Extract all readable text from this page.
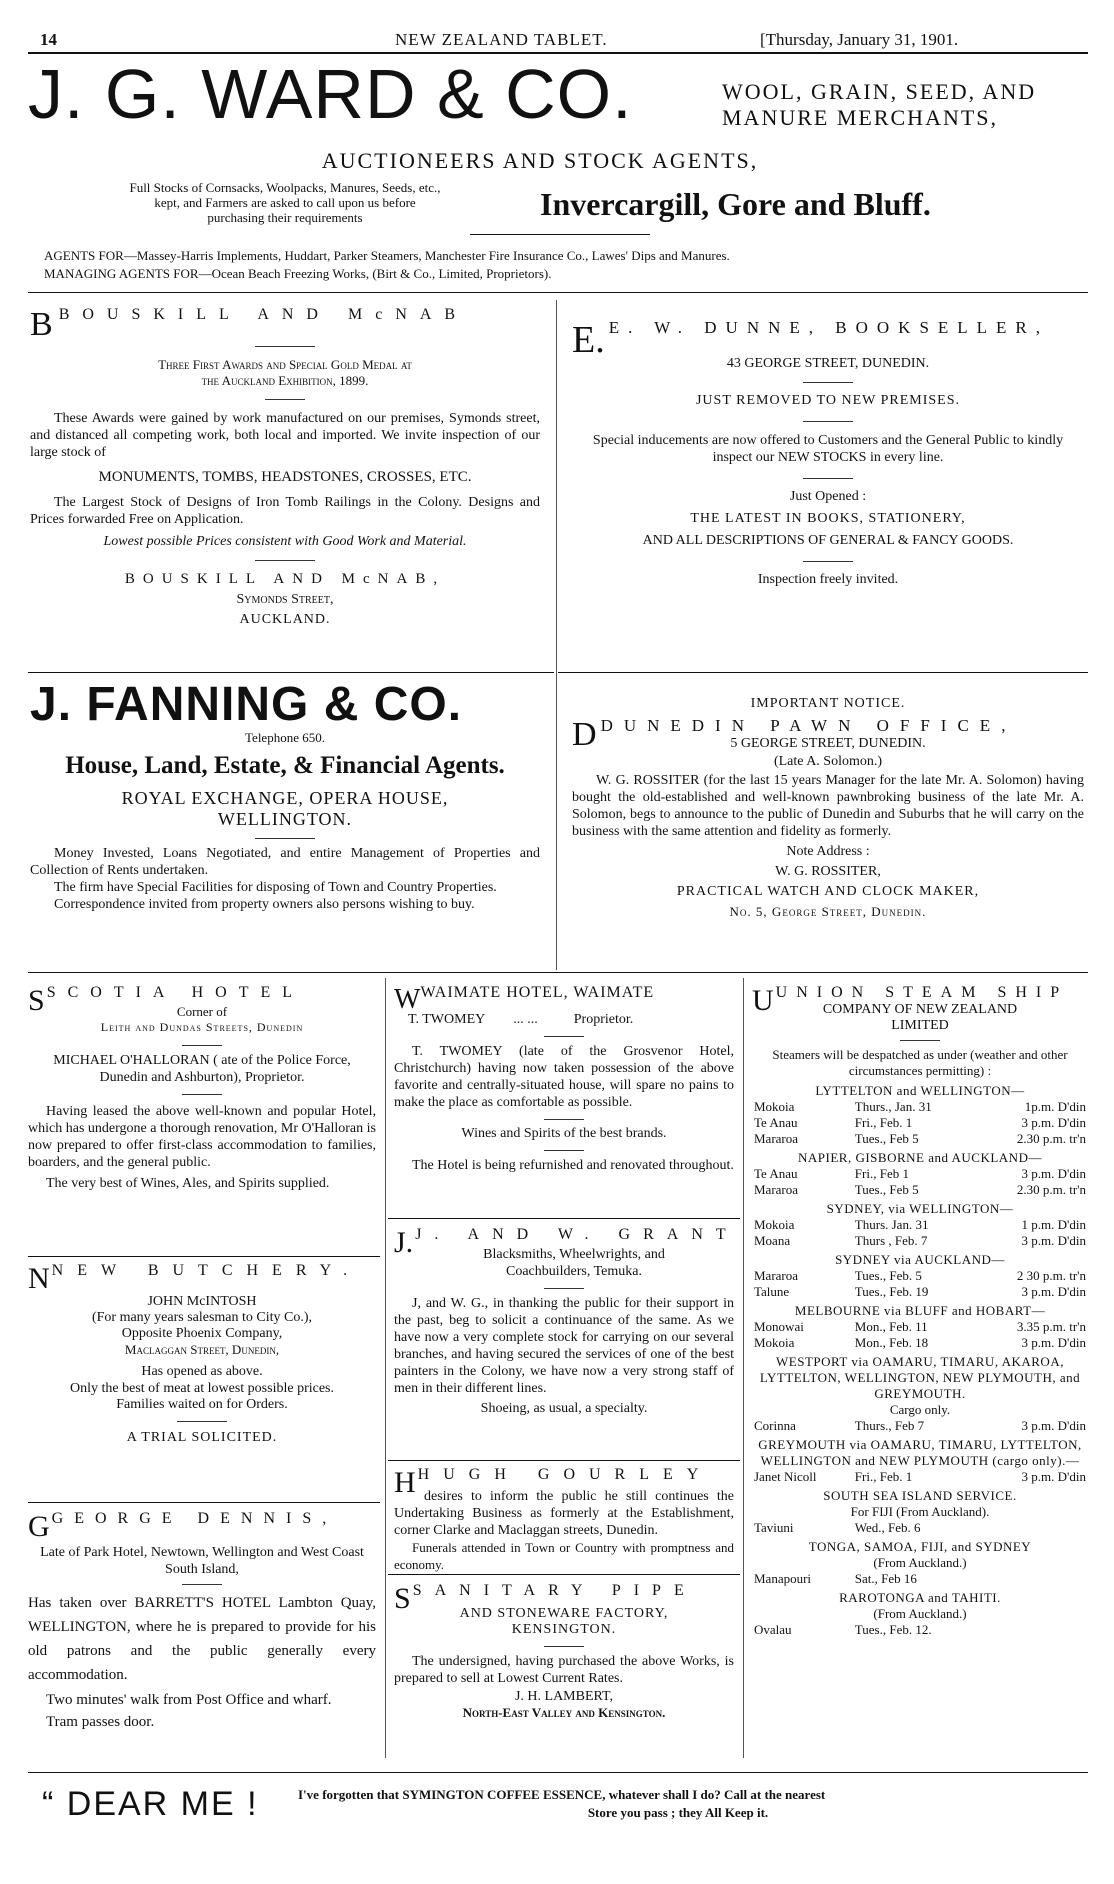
14	NEW ZEALAND TABLET.	[Thursday, January 31, 1901.
J. G. WARD & CO.	WOOL, GRAIN, SEED, AND
MANURE MERCHANTS,
AUCTIONEERS AND STOCK AGENTS,
Full Stocks of Cornsacks, Woolpacks, Manures, Seeds, etc.,
kept, and Farmers are asked to call upon us before
purchasing their requirements	Invercargill, Gore and Bluff.
AGENTS FOR—Massey-Harris Implements, Huddart, Parker Steamers, Manchester Fire Insurance Co., Lawes' Dips and Manures.
MANAGING AGENTS FOR—Ocean Beach Freezing Works, (Birt & Co., Limited, Proprietors).
BBOUSKILL AND McNAB
Three First Awards and Special Gold Medal at
the Auckland Exhibition, 1899.

These Awards were gained by work manufactured on our premises, Symonds street, and distanced all competing work, both local and imported. We invite inspection of our large stock of

MONUMENTS, TOMBS, HEADSTONES, CROSSES, ETC.

The Largest Stock of Designs of Iron Tomb Railings in the Colony. Designs and Prices forwarded Free on Application.

Lowest possible Prices consistent with Good Work and Material.
BOUSKILL AND McNAB,
Symonds Street,
AUCKLAND.
E. E. W. DUNNE, BOOKSELLER,
43 GEORGE STREET, DUNEDIN.
JUST REMOVED TO NEW PREMISES.

Special inducements are now offered to Customers and the General Public to kindly inspect our NEW STOCKS in every line.

Just Opened :
THE LATEST IN BOOKS, STATIONERY,
AND ALL DESCRIPTIONS OF GENERAL & FANCY GOODS.
Inspection freely invited.
J. FANNING & CO.
Telephone 650.
House, Land, Estate, & Financial Agents.
ROYAL EXCHANGE, OPERA HOUSE,
WELLINGTON.

Money Invested, Loans Negotiated, and entire Management of Properties and Collection of Rents undertaken.

The firm have Special Facilities for disposing of Town and Country Properties.

Correspondence invited from property owners also persons wishing to buy.

IMPORTANT NOTICE.
DDUNEDIN PAWN OFFICE,
5 GEORGE STREET, DUNEDIN.
(Late A. Solomon.)

W. G. ROSSITER (for the last 15 years Manager for the late Mr. A. Solomon) having bought the old-established and well-known pawnbroking business of the late Mr. A. Solomon, begs to announce to the public of Dunedin and Suburbs that he will carry on the business with the same attention and fidelity as formerly.

Note Address :
W. G. ROSSITER,
PRACTICAL WATCH AND CLOCK MAKER,
No. 5, George Street, Dunedin.
SSCOTIA HOTEL
Corner of
Leith and Dundas Streets, Dunedin

MICHAEL O'HALLORAN ( ate of the Police Force, Dunedin and Ashburton), Proprietor.

Having leased the above well-known and popular Hotel, which has undergone a thorough renovation, Mr O'Halloran is now prepared to offer first-class accommodation to families, boarders, and the general public.

The very best of Wines, Ales, and Spirits supplied.

NNEW BUTCHERY.
JOHN McINTOSH
(For many years salesman to City Co.),
Opposite Phoenix Company,
Maclaggan Street, Dunedin,
Has opened as above.

Only the best of meat at lowest possible prices.

Families waited on for Orders.
A TRIAL SOLICITED.
GGEORGE DENNIS,

Late of Park Hotel, Newtown, Wellington and West Coast South Island,

Has taken over BARRETT'S HOTEL Lambton Quay, WELLINGTON, where he is prepared to provide for his old patrons and the public generally every accommodation.

Two minutes' walk from Post Office and wharf.

Tram passes door.

WWAIMATE HOTEL, WAIMATE
T. TWOMEY ... ...	Proprietor.

T. TWOMEY (late of the Grosvenor Hotel, Christchurch) having now taken possession of the above favorite and centrally-situated house, will spare no pains to make the place as comfortable as possible.

Wines and Spirits of the best brands.

The Hotel is being refurnished and renovated throughout.

J. J. AND W. GRANT

Blacksmiths, Wheelwrights, and Coachbuilders, Temuka.

J, and W. G., in thanking the public for their support in the past, beg to solicit a continuance of the same. As we have now a very complete stock for carrying on our several branches, and having secured the services of one of the best painters in the Colony, we have now a very strong staff of men in their different lines.

Shoeing, as usual, a specialty.
HHUGH GOURLEY

desires to inform the public he still continues the Undertaking Business as formerly at the Establishment, corner Clarke and Maclaggan streets, Dunedin.

Funerals attended in Town or Country with promptness and economy.

SSANITARY PIPE
AND STONEWARE FACTORY,
KENSINGTON.

The undersigned, having purchased the above Works, is prepared to sell at Lowest Current Rates.

J. H. LAMBERT,
North-East Valley and Kensington.
UUNION STEAM SHIP
COMPANY OF NEW ZEALAND
LIMITED

Steamers will be despatched as under (weather and other circumstances permitting) :

LYTTELTON and WELLINGTON—
Mokoia	Thurs., Jan. 31	1p.m. D'din
Te Anau	Fri., Feb. 1	3 p.m. D'din
Mararoa	Tues., Feb 5	2.30 p.m. tr'n
NAPIER, GISBORNE and AUCKLAND—
Te Anau	Fri., Feb 1	3 p.m. D'din
Mararoa	Tues., Feb 5	2.30 p.m. tr'n
SYDNEY, via WELLINGTON—
Mokoia	Thurs. Jan. 31	1 p.m. D'din
Moana	Thurs , Feb. 7	3 p.m. D'din
SYDNEY via AUCKLAND—
Mararoa	Tues., Feb. 5	2 30 p.m. tr'n
Talune	Tues., Feb. 19	3 p.m. D'din
MELBOURNE via BLUFF and HOBART—
Monowai	Mon., Feb. 11	3.35 p.m. tr'n
Mokoia	Mon., Feb. 18	3 p.m. D'din
WESTPORT via OAMARU, TIMARU, AKAROA, LYTTELTON, WELLINGTON, NEW PLYMOUTH, and GREYMOUTH.
Cargo only.
Corinna	Thurs., Feb 7	3 p.m. D'din
GREYMOUTH via OAMARU, TIMARU, LYTTELTON, WELLINGTON and NEW PLYMOUTH (cargo only).—
Janet Nicoll	Fri., Feb. 1	3 p.m. D'din
SOUTH SEA ISLAND SERVICE.
For FIJI (From Auckland).
Taviuni	Wed., Feb. 6	
TONGA, SAMOA, FIJI, and SYDNEY
(From Auckland.)
Manapouri	Sat., Feb 16	
RAROTONGA and TAHITI.
(From Auckland.)
Ovalau	Tues., Feb. 12.	
“ DEAR ME !	I've forgotten that SYMINGTON COFFEE ESSENCE, whatever shall I do? Call at the nearest
Store you pass ; they All Keep it.
